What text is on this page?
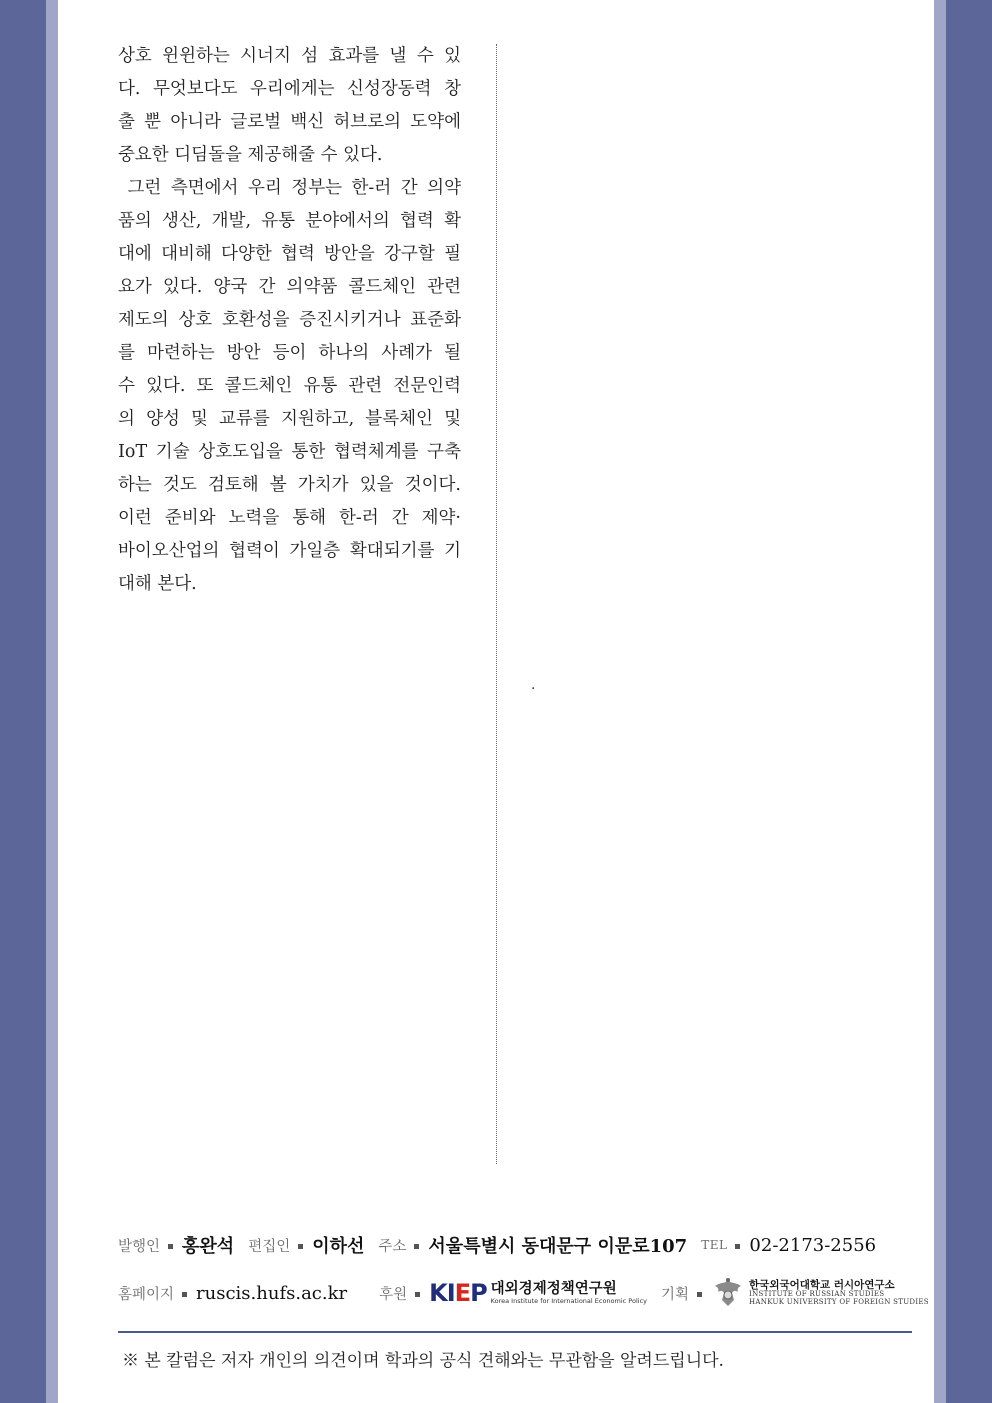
상호 윈윈하는 시너지 섬 효과를 낼 수 있
다. 무엇보다도 우리에게는 신성장동력 창
출 뿐 아니라 글로벌 백신 허브로의 도약에
중요한 디딤돌을 제공해줄 수 있다.
그런 측면에서 우리 정부는 한-러 간 의약
품의 생산, 개발, 유통 분야에서의 협력 확
대에 대비해 다양한 협력 방안을 강구할 필
요가 있다. 양국 간 의약품 콜드체인 관련
제도의 상호 호환성을 증진시키거나 표준화
를 마련하는 방안 등이 하나의 사례가 될
수 있다. 또 콜드체인 유통 관련 전문인력
의 양성 및 교류를 지원하고, 블록체인 및
IoT 기술 상호도입을 통한 협력체계를 구축
하는 것도 검토해 볼 가치가 있을 것이다.
이런 준비와 노력을 통해 한-러 간 제약·
바이오산업의 협력이 가일층 확대되기를 기
대해 본다.
.
발행인 홍완석 편집인 이하선 주소 서울특별시 동대문구 이문로107 TEL 02-2173-2556
홈페이지 ruscis.hufs.ac.kr 후원 KIEP 대외경제정책연구원
Korea Institute for International Economic Policy 기획
한국외국어대학교 러시아연구소
INSTITUTE OF RUSSIAN STUDIES
HANKUK UNIVERSITY OF FOREIGN STUDIES
※ 본 칼럼은 저자 개인의 의견이며 학과의 공식 견해와는 무관함을 알려드립니다.
